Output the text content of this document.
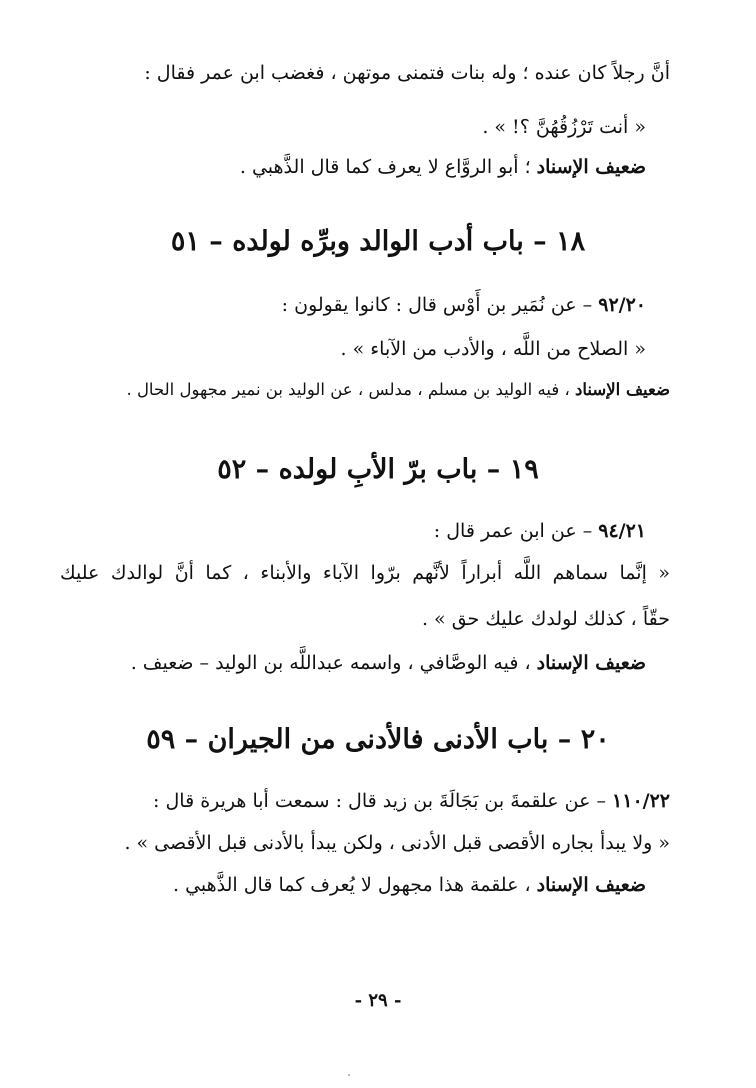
أنَّ رجلاً كان عنده ؛ وله بنات فتمنى موتهن ، فغضب ابن عمر فقال :
« أنت تَرْزُقُهُنَّ ؟! » .
ضعيف الإسناد ؛ أبو الروَّاع لا يعرف كما قال الذَّهبي .
١٨ – باب أدب الوالد وبرِّه لولده – ٥١
٩٢/٢٠ – عن نُمَير بن أَوْس قال : كانوا يقولون :
« الصلاح من اللَّه ، والأدب من الآباء » .
ضعيف الإسناد ، فيه الوليد بن مسلم ، مدلس ، عن الوليد بن نمير مجهول الحال .
١٩ – باب برّ الأبِ لولده – ٥٢
٩٤/٢١ – عن ابن عمر قال :
« إنَّما سماهم اللَّه أبراراً لأنَّهم برّوا الآباء والأبناء ، كما أنَّ لوالدك عليك
حقّاً ، كذلك لولدك عليك حق » .
ضعيف الإسناد ، فيه الوصَّافي ، واسمه عبداللَّه بن الوليد – ضعيف .
٢٠ – باب الأدنى فالأدنى من الجيران – ٥٩
١١٠/٢٢ – عن علقمةَ بن بَجَالَةَ بن زيد قال : سمعت أبا هريرة قال :
« ولا يبدأ بجاره الأقصى قبل الأدنى ، ولكن يبدأ بالأدنى قبل الأقصى » .
ضعيف الإسناد ، علقمة هذا مجهول لا يُعرف كما قال الذَّهبي .
- ٢٩ -
